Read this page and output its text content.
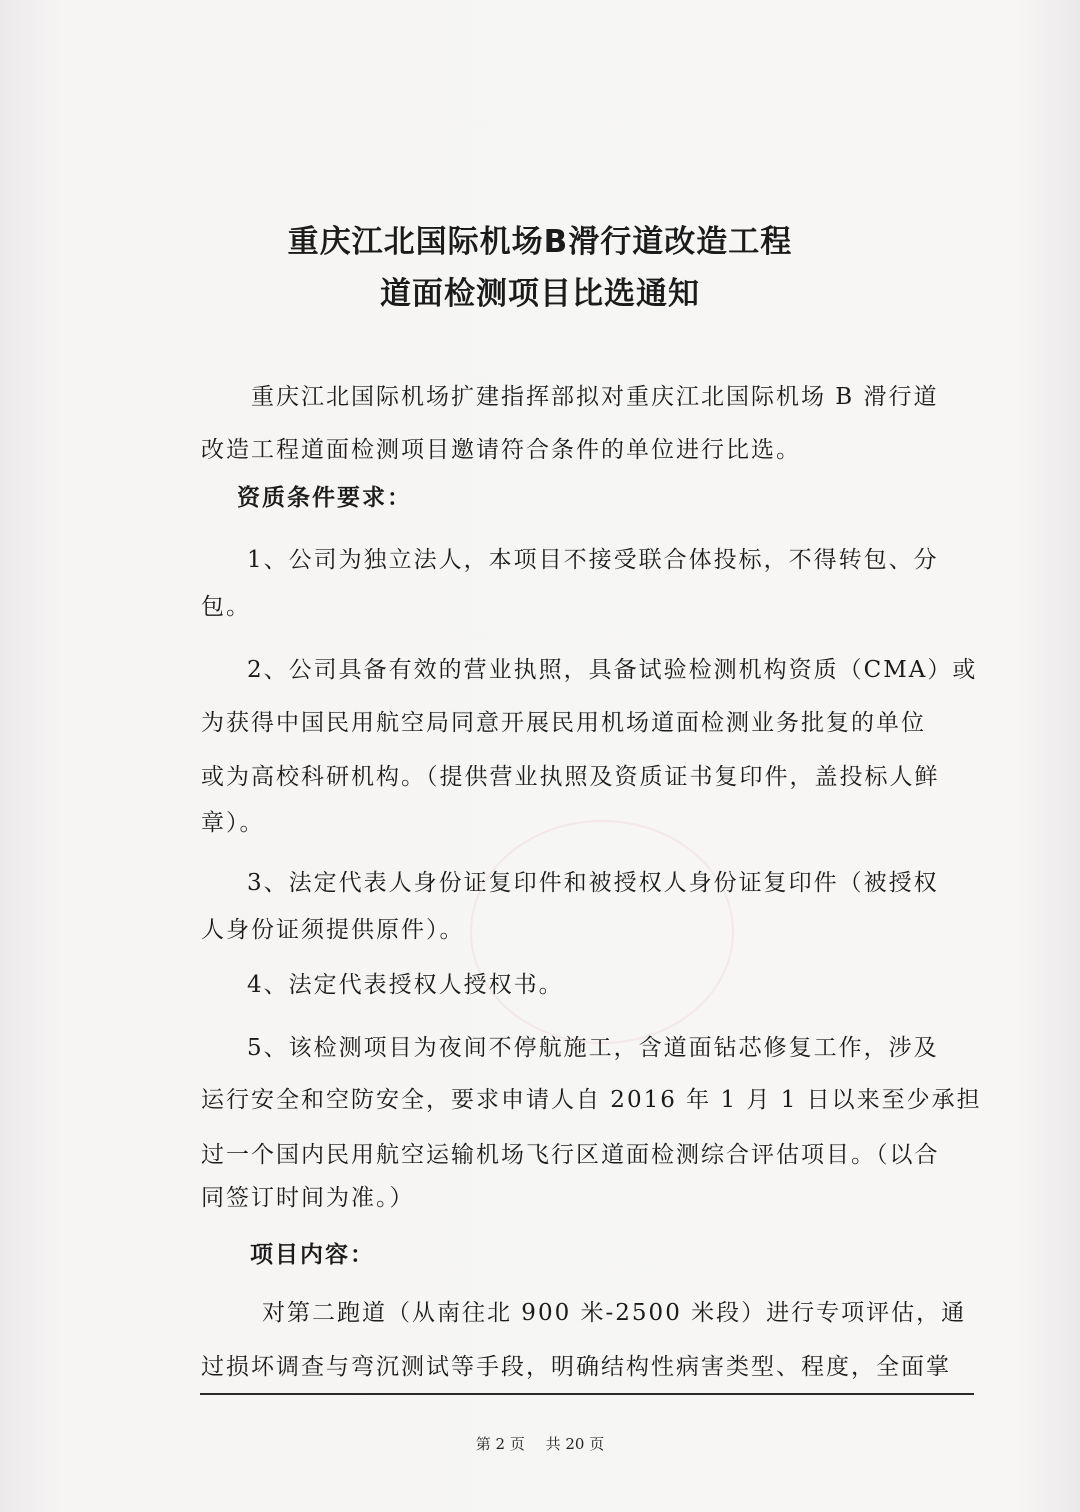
重庆江北国际机场B滑行道改造工程
道面检测项目比选通知
重庆江北国际机场扩建指挥部拟对重庆江北国际机场 B 滑行道
改造工程道面检测项目邀请符合条件的单位进行比选。
资质条件要求：
1、公司为独立法人，本项目不接受联合体投标，不得转包、分
包。
2、公司具备有效的营业执照，具备试验检测机构资质（CMA）或
为获得中国民用航空局同意开展民用机场道面检测业务批复的单位
或为高校科研机构。（提供营业执照及资质证书复印件，盖投标人鲜
章）。
3、法定代表人身份证复印件和被授权人身份证复印件（被授权
人身份证须提供原件）。
4、法定代表授权人授权书。
5、该检测项目为夜间不停航施工，含道面钻芯修复工作，涉及
运行安全和空防安全，要求申请人自 2016 年 1 月 1 日以来至少承担
过一个国内民用航空运输机场飞行区道面检测综合评估项目。（以合
同签订时间为准。）
项目内容：
对第二跑道（从南往北 900 米-2500 米段）进行专项评估，通
过损坏调查与弯沉测试等手段，明确结构性病害类型、程度，全面掌
第 2 页 共 20 页
